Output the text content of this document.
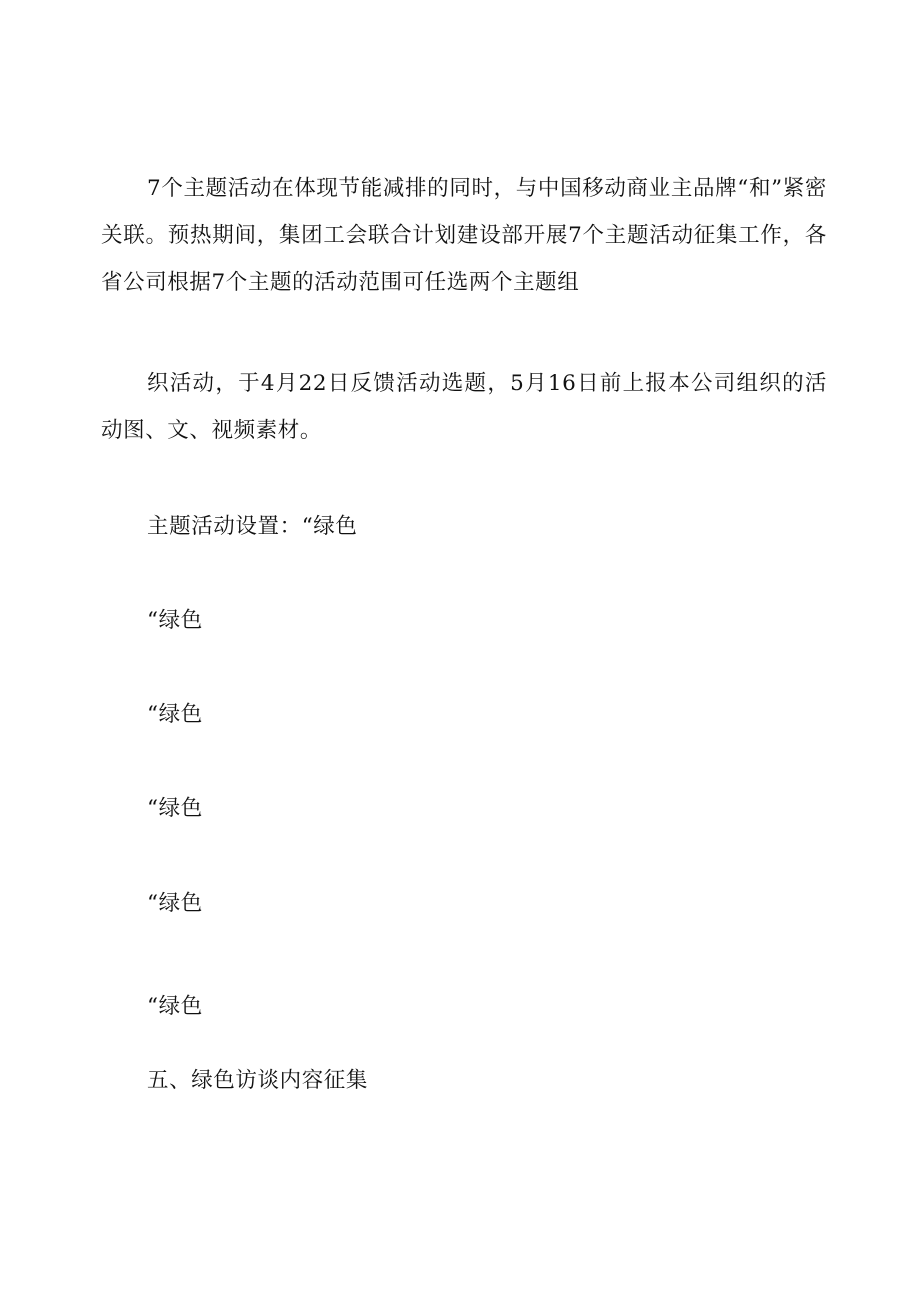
7个主题活动在体现节能减排的同时，与中国移动商业主品牌“和”紧密关联。预热期间，集团工会联合计划建设部开展7个主题活动征集工作，各省公司根据7个主题的活动范围可任选两个主题组

织活动，于4月22日反馈活动选题，5月16日前上报本公司组织的活动图、文、视频素材。

主题活动设置：“绿色

“绿色

“绿色

“绿色

“绿色

“绿色

五、绿色访谈内容征集
